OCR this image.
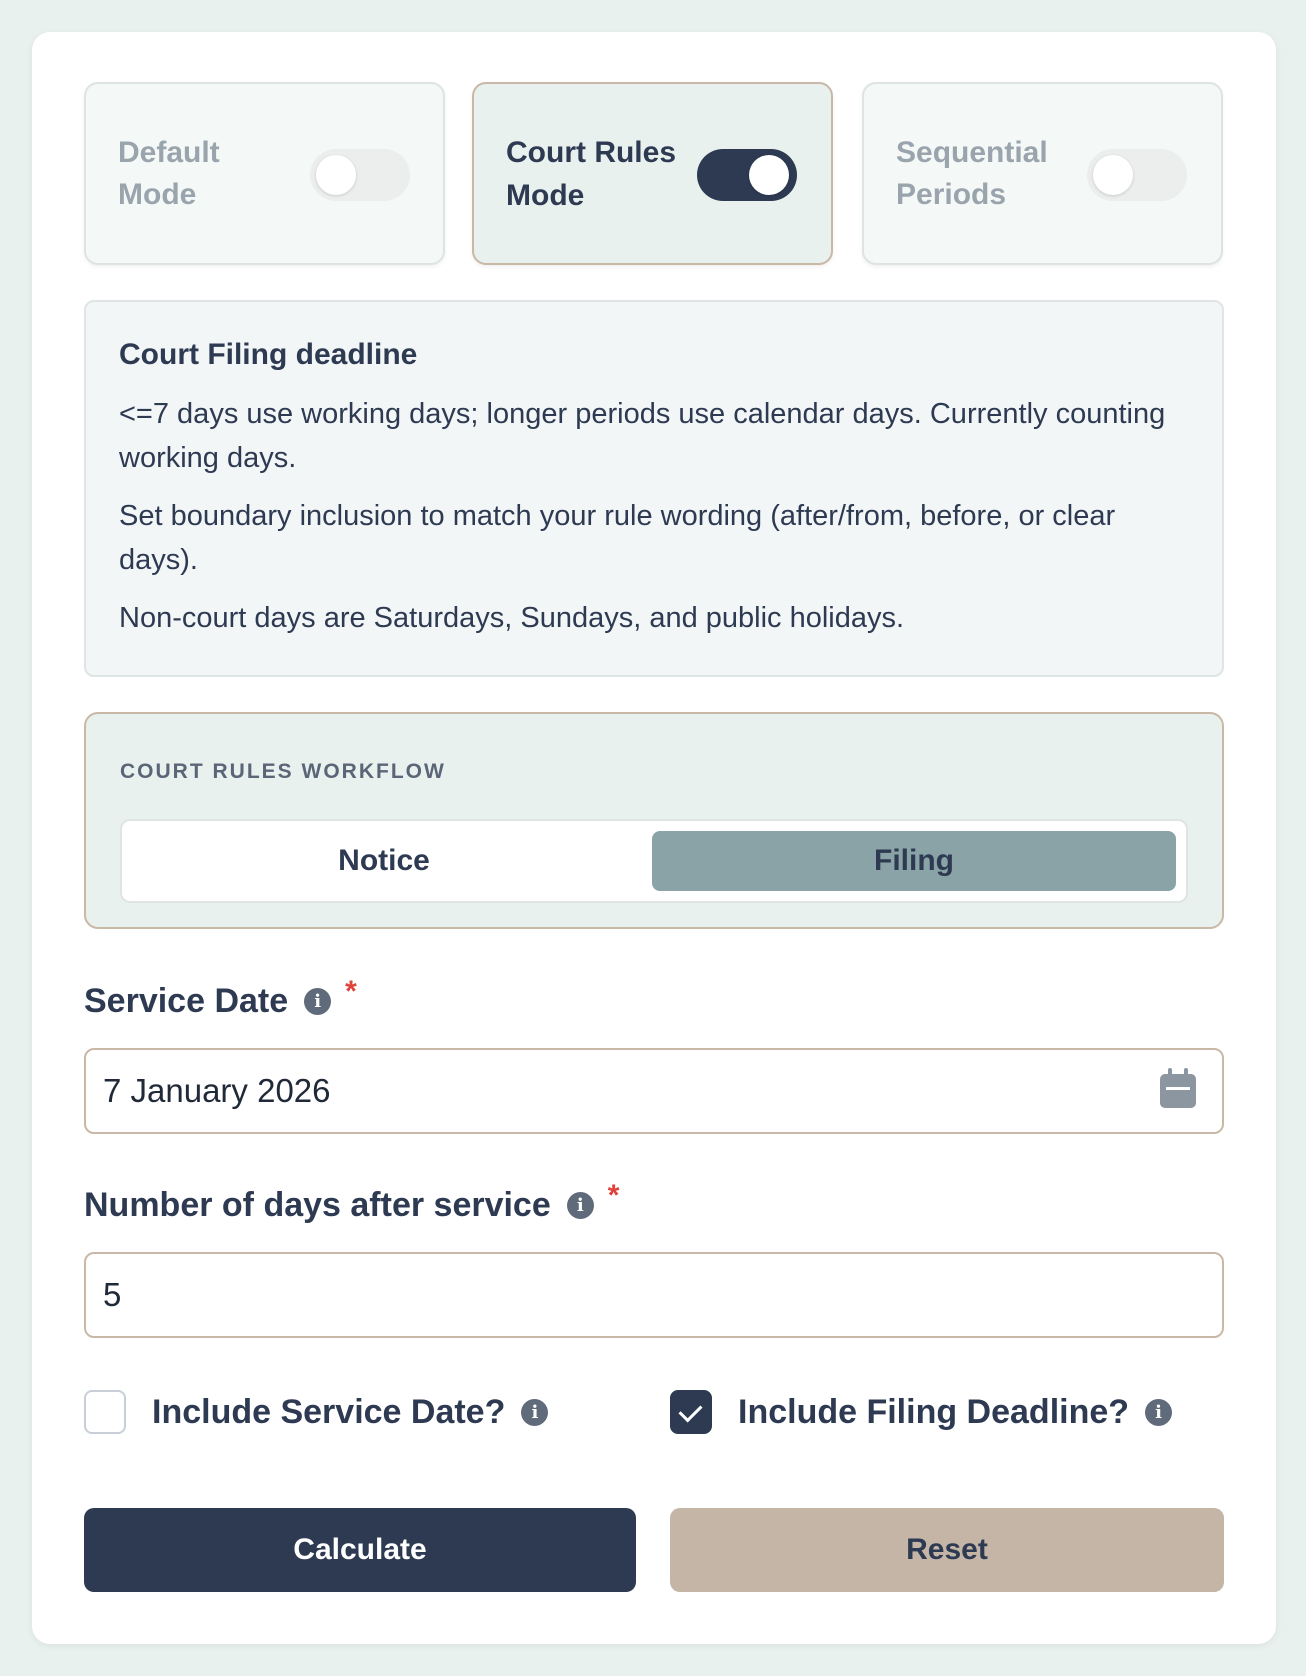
Default Mode
Court Rules Mode
Sequential Periods
Court Filing deadline

<=7 days use working days; longer periods use calendar days. Currently counting working days.

Set boundary inclusion to match your rule wording (after/from, before, or clear days).

Non-court days are Saturdays, Sundays, and public holidays.

COURT RULES WORKFLOW
Notice	Filing
Service Date	i *
7 January 2026
Number of days after service	i *
5
Include Service Date?	i	Include Filing Deadline?	i
Calculate	Reset
